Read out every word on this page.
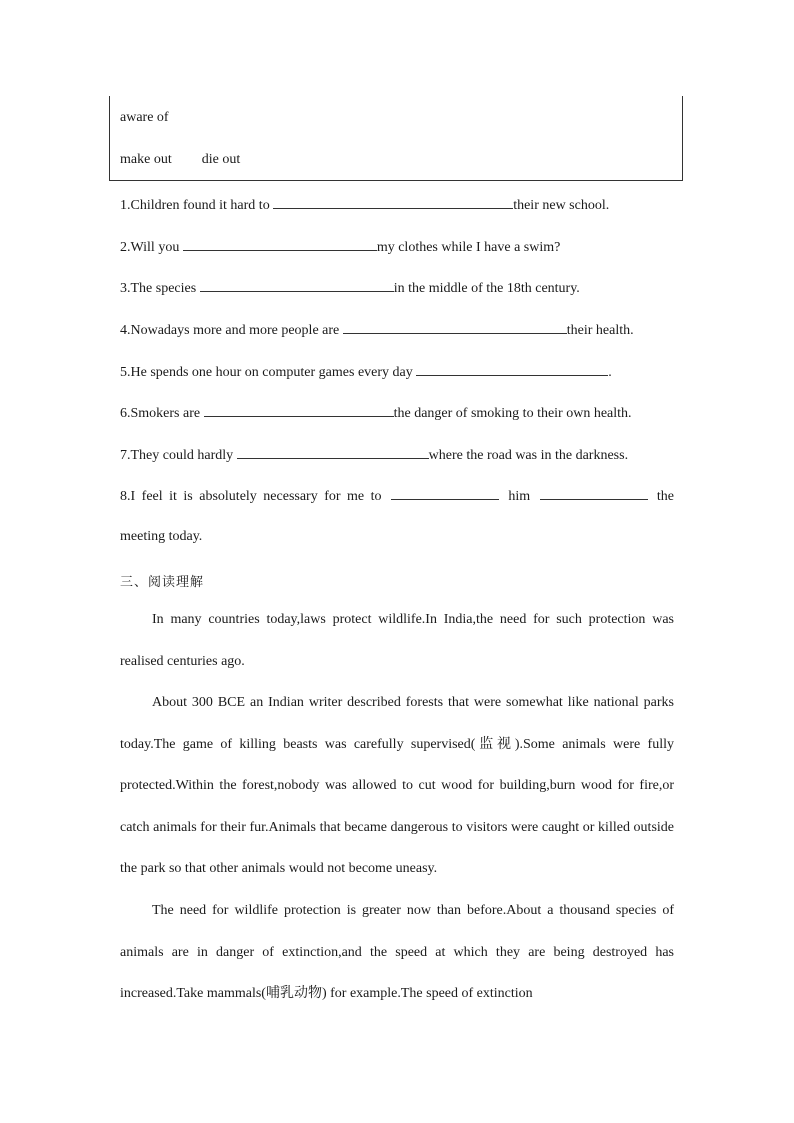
aware of
make out die out
1.Children found it hard to	their new school.
2.Will you	my clothes while I have a swim?
3.The species	in the middle of the 18th century.
4.Nowadays more and more people are	their health.
5.He spends one hour on computer games every day	.
6.Smokers are	the danger of smoking to their own health.
7.They could hardly	where the road was in the darkness.
8.I feel it is absolutely necessary for me to	him	the
meeting today.
三、阅读理解

In many countries today,laws protect wildlife.In India,the need for such protection was realised centuries ago.

About 300 BCE an Indian writer described forests that were somewhat like national parks today.The game of killing beasts was carefully supervised(监视).Some animals were fully protected.Within the forest,nobody was allowed to cut wood for building,burn wood for fire,or catch animals for their fur.Animals that became dangerous to visitors were caught or killed outside the park so that other animals would not become uneasy.

The need for wildlife protection is greater now than before.About a thousand species of animals are in danger of extinction,and the speed at which they are being destroyed has increased.Take mammals(哺乳动物) for example.The speed of extinction
